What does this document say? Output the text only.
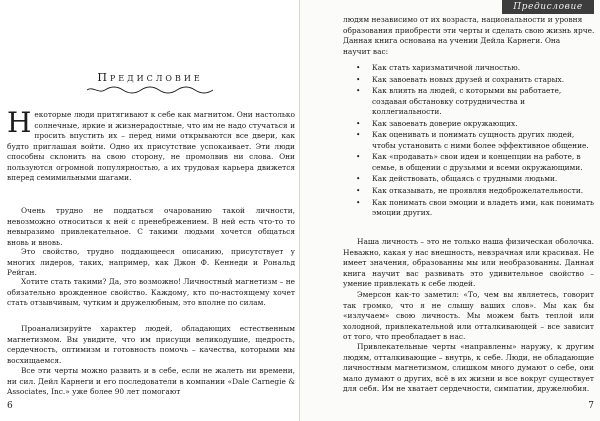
Предисловие
Некоторые люди притягивают к себе как магнитом. Они настолько солнечные, яркие и жизнерадостные, что им не надо стучаться и просить впустить их – перед ними открываются все двери, как будто приглашая войти. Одно их присутствие успокаивает. Эти люди способны склонить на свою сторону, не промолвив ни слова. Они пользуются огромной популярностью, а их трудовая карьера движется вперед семимильными шагами.
Очень трудно не поддаться очарованию такой личности, невозможно относиться к ней с пренебрежением. В ней есть что-то то невыразимо привлекательное. С такими людьми хочется общаться вновь и вновь.
Это свойство, трудно поддающееся описанию, присутствует у многих лидеров, таких, например, как Джон Ф. Кеннеди и Рональд Рейган.
Хотите стать такими? Да, это возможно! Личностный магнетизм – не обязательно врожденное свойство. Каждому, кто по-настоящему хочет стать отзывчивым, чутким и дружелюбным, это вполне по силам.
Проанализируйте характер людей, обладающих естественным магнетизмом. Вы увидите, что им присущи великодушие, щедрость, сердечность, оптимизм и готовность помочь – качества, которыми мы восхищаемся.
Все эти черты можно развить и в себе, если не жалеть ни времени, ни сил. Дейл Карнеги и его последователи в компании «Dale Carnegie & Associates, Inc.» уже более 90 лет помогают
6
Предисловие
7
людям независимо от их возраста, национальности и уровня
образования приобрести эти черты и сделать свою жизнь ярче.
Данная книга основана на учении Дейла Карнеги. Она
научит вас:
• Как стать харизматичной личностью.
• Как завоевать новых друзей и сохранить старых.
• Как влиять на людей, с которыми вы работаете, создавая обстановку сотрудничества и коллегиальности.
• Как завоевать доверие окружающих.
• Как оценивать и понимать сущность других людей, чтобы установить с ними более эффективное общение.
• Как «продавать» свои идеи и концепции на работе, в семье, в общении с друзьями и всеми окружающими.
• Как действовать, общаясь с трудными людьми.
• Как отказывать, не проявляя недоброжелательности.
• Как понимать свои эмоции и владеть ими, как понимать эмоции других.
Наша личность – это не только наша физическая оболочка. Неважно, какая у нас внешность, невзрачная или красивая. Не имеет значения, образованны мы или необразованны. Данная книга научит вас развивать это удивительное свойство – умение привлекать к себе людей.
Эмерсон как-то заметил: «То, чем вы являетесь, говорит так громко, что я не слышу ваших слов». Мы как бы «излучаем» свою личность. Мы можем быть теплой или холодной, привлекательной или отталкивающей – все зависит от того, что преобладает в нас.
Привлекательные черты «направлены» наружу, к другим людям, отталкивающие – внутрь, к себе. Люди, не обладающие личностным магнетизмом, слишком много думают о себе, они мало думают о других, всё в их жизни и все вокруг существует для себя. Им не хватает сердечности, симпатии, дружелюбия.
